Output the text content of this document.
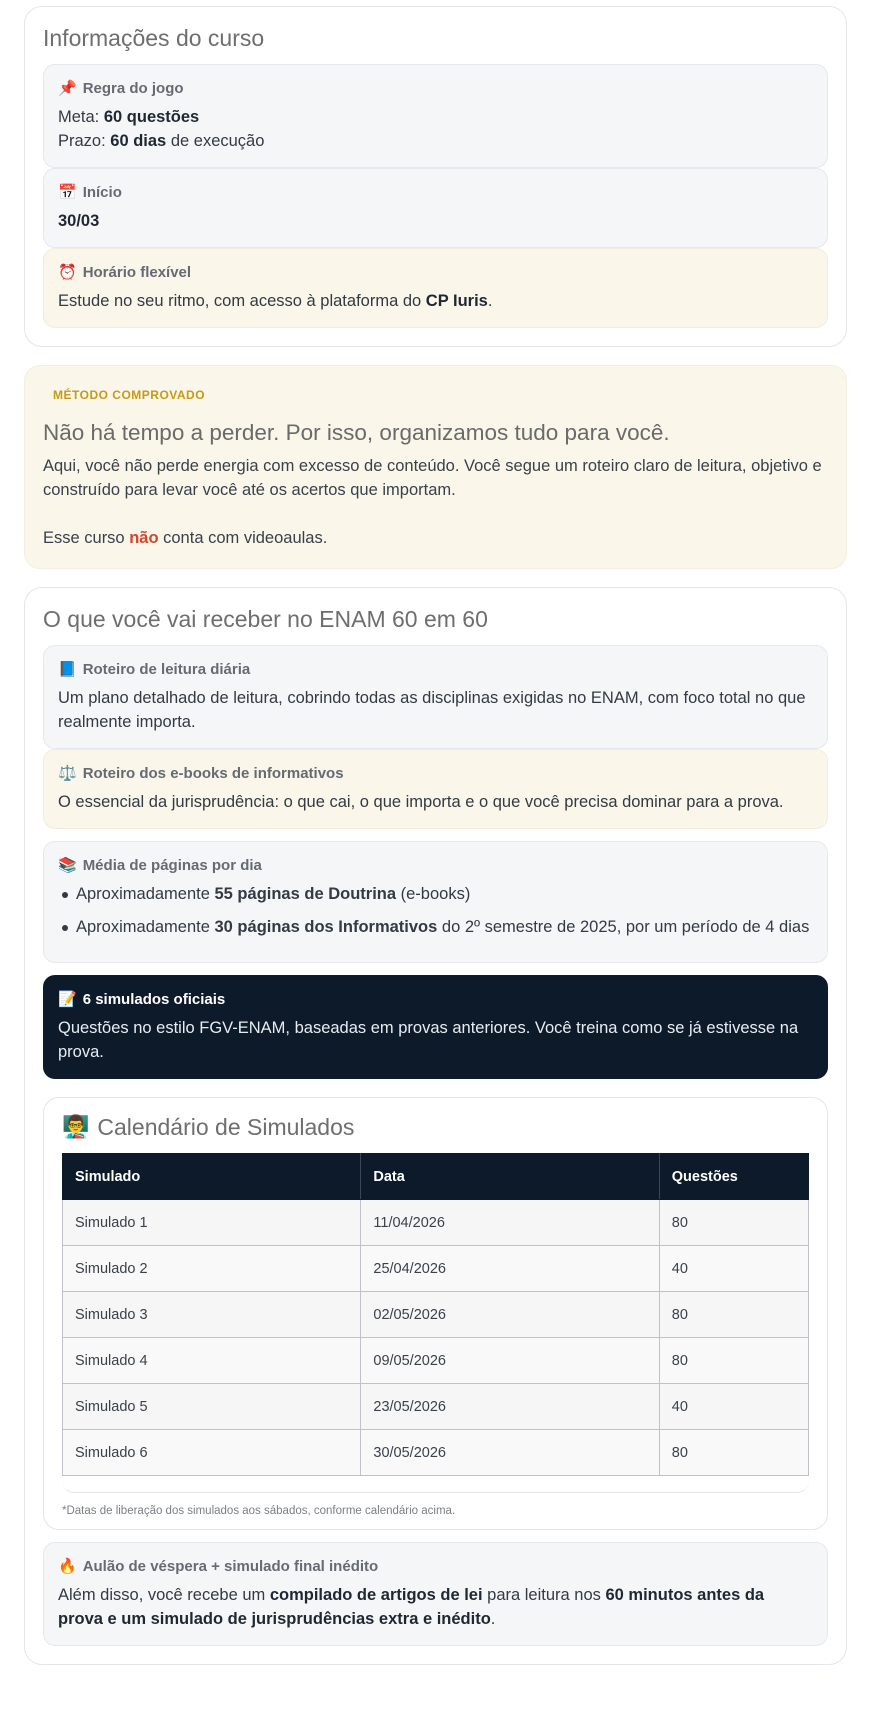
Informações do curso
📌 Regra do jogo
Meta: 60 questões
Prazo: 60 dias de execução
📅 Início
30/03
⏰ Horário flexível
Estude no seu ritmo, com acesso à plataforma do CP Iuris.
MÉTODO COMPROVADO
Não há tempo a perder. Por isso, organizamos tudo para você.

Aqui, você não perde energia com excesso de conteúdo. Você segue um roteiro claro de leitura, objetivo e construído para levar você até os acertos que importam.

Esse curso não conta com videoaulas.

O que você vai receber no ENAM 60 em 60
📘 Roteiro de leitura diária

Um plano detalhado de leitura, cobrindo todas as disciplinas exigidas no ENAM, com foco total no que realmente importa.

⚖️ Roteiro dos e-books de informativos

O essencial da jurisprudência: o que cai, o que importa e o que você precisa dominar para a prova.

📚 Média de páginas por dia
Aproximadamente 55 páginas de Doutrina (e-books)
Aproximadamente 30 páginas dos Informativos do 2º semestre de 2025, por um período de 4 dias
📝 6 simulados oficiais

Questões no estilo FGV-ENAM, baseadas em provas anteriores. Você treina como se já estivesse na prova.

👨‍🏫 Calendário de Simulados
Simulado	Data	Questões
Simulado 1	11/04/2026	80
Simulado 2	25/04/2026	40
Simulado 3	02/05/2026	80
Simulado 4	09/05/2026	80
Simulado 5	23/05/2026	40
Simulado 6	30/05/2026	80

*Datas de liberação dos simulados aos sábados, conforme calendário acima.

🔥 Aulão de véspera + simulado final inédito

Além disso, você recebe um compilado de artigos de lei para leitura nos 60 minutos antes da prova e um simulado de jurisprudências extra e inédito.
